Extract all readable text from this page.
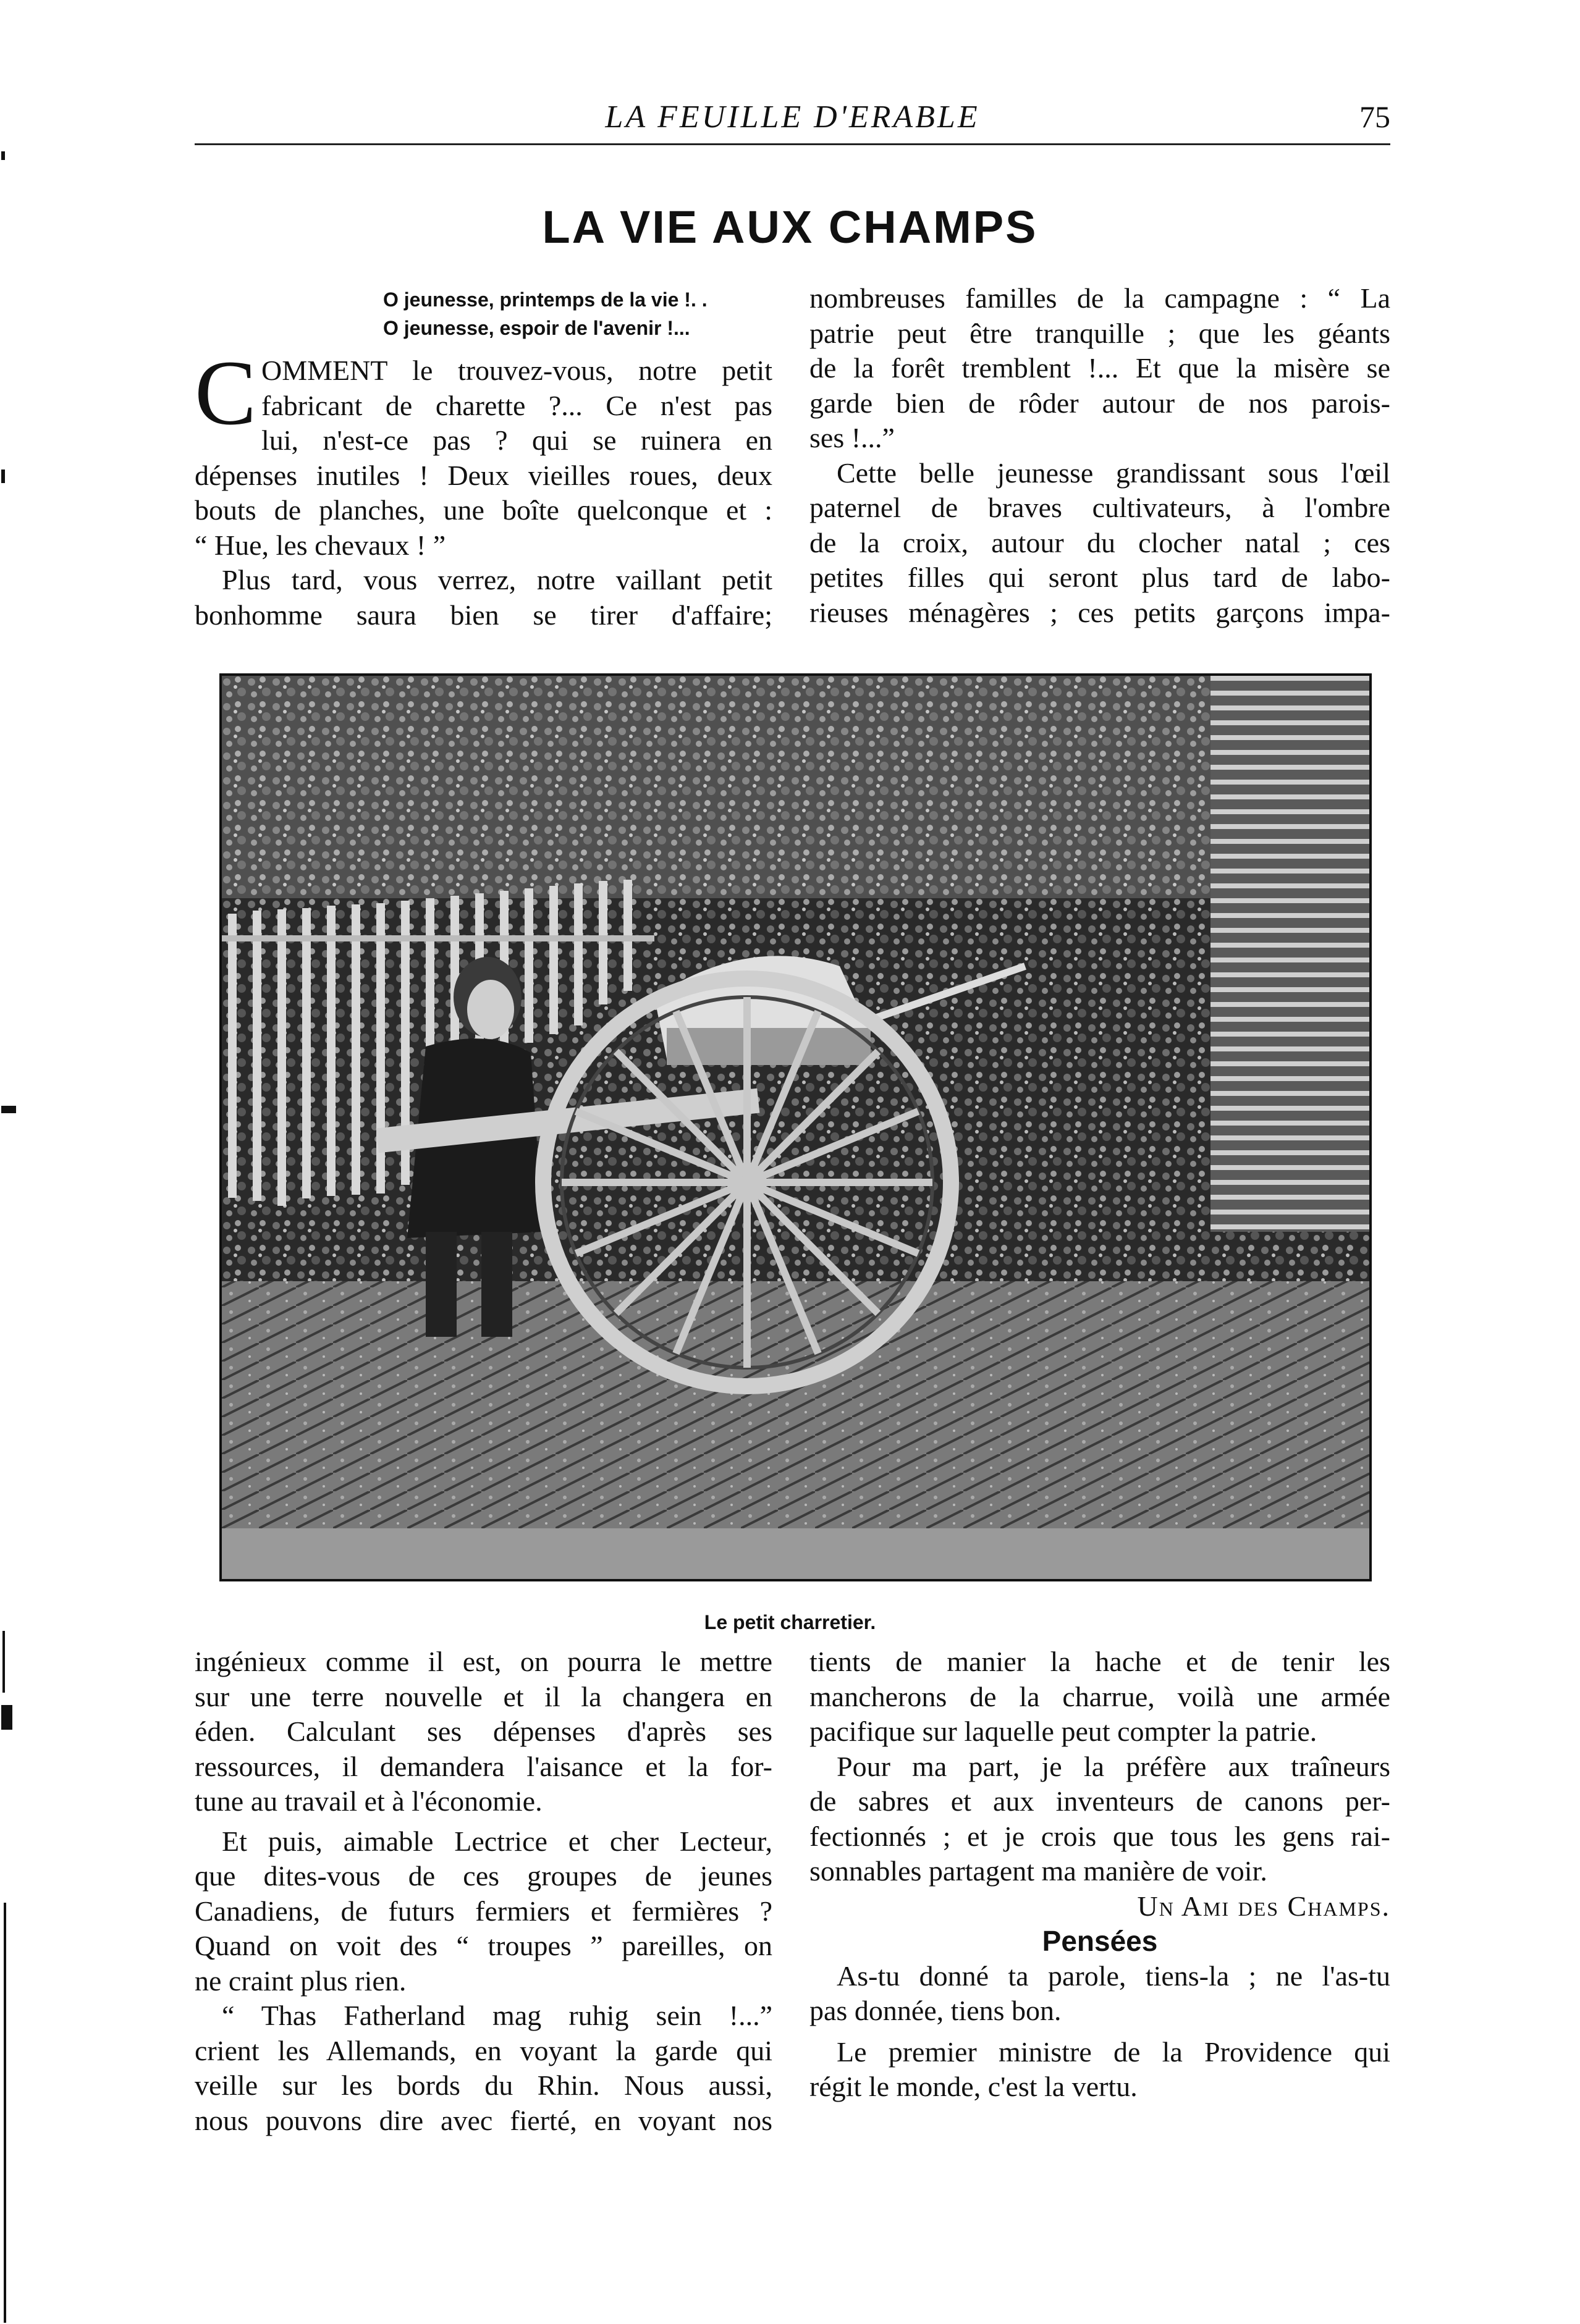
LA FEUILLE D'ERABLE	75
LA VIE AUX CHAMPS
O jeunesse, printemps de la vie !. .
O jeunesse, espoir de l'avenir !...

C OMMENT le trouvez-vous, notre petit
fabricant de charette ?... Ce n'est pas
lui, n'est-ce pas ? qui se ruinera en
dépenses inutiles ! Deux vieilles roues, deux
bouts de planches, une boîte quelconque et :
“ Hue, les chevaux ! ”

Plus tard, vous verrez, notre vaillant petit
bonhomme saura bien se tirer d'affaire;

nombreuses familles de la campagne : “ La
patrie peut être tranquille ; que les géants
de la forêt tremblent !... Et que la misère se
garde bien de rôder autour de nos parois-
ses !...”

Cette belle jeunesse grandissant sous l'œil
paternel de braves cultivateurs, à l'ombre
de la croix, autour du clocher natal ; ces
petites filles qui seront plus tard de labo-
rieuses ménagères ; ces petits garçons impa-

Le petit charretier.

ingénieux comme il est, on pourra le mettre
sur une terre nouvelle et il la changera en
éden. Calculant ses dépenses d'après ses
ressources, il demandera l'aisance et la for-
tune au travail et à l'économie.

Et puis, aimable Lectrice et cher Lecteur,
que dites-vous de ces groupes de jeunes
Canadiens, de futurs fermiers et fermières ?
Quand on voit des “ troupes ” pareilles, on
ne craint plus rien.

“ Thas Fatherland mag ruhig sein !...”
crient les Allemands, en voyant la garde qui
veille sur les bords du Rhin. Nous aussi,
nous pouvons dire avec fierté, en voyant nos

tients de manier la hache et de tenir les
mancherons de la charrue, voilà une armée
pacifique sur laquelle peut compter la patrie.

Pour ma part, je la préfère aux traîneurs
de sabres et aux inventeurs de canons per-
fectionnés ; et je crois que tous les gens rai-
sonnables partagent ma manière de voir.

Un Ami des Champs.

Pensées

As-tu donné ta parole, tiens-la ; ne l'as-tu
pas donnée, tiens bon.

Le premier ministre de la Providence qui
régit le monde, c'est la vertu.
